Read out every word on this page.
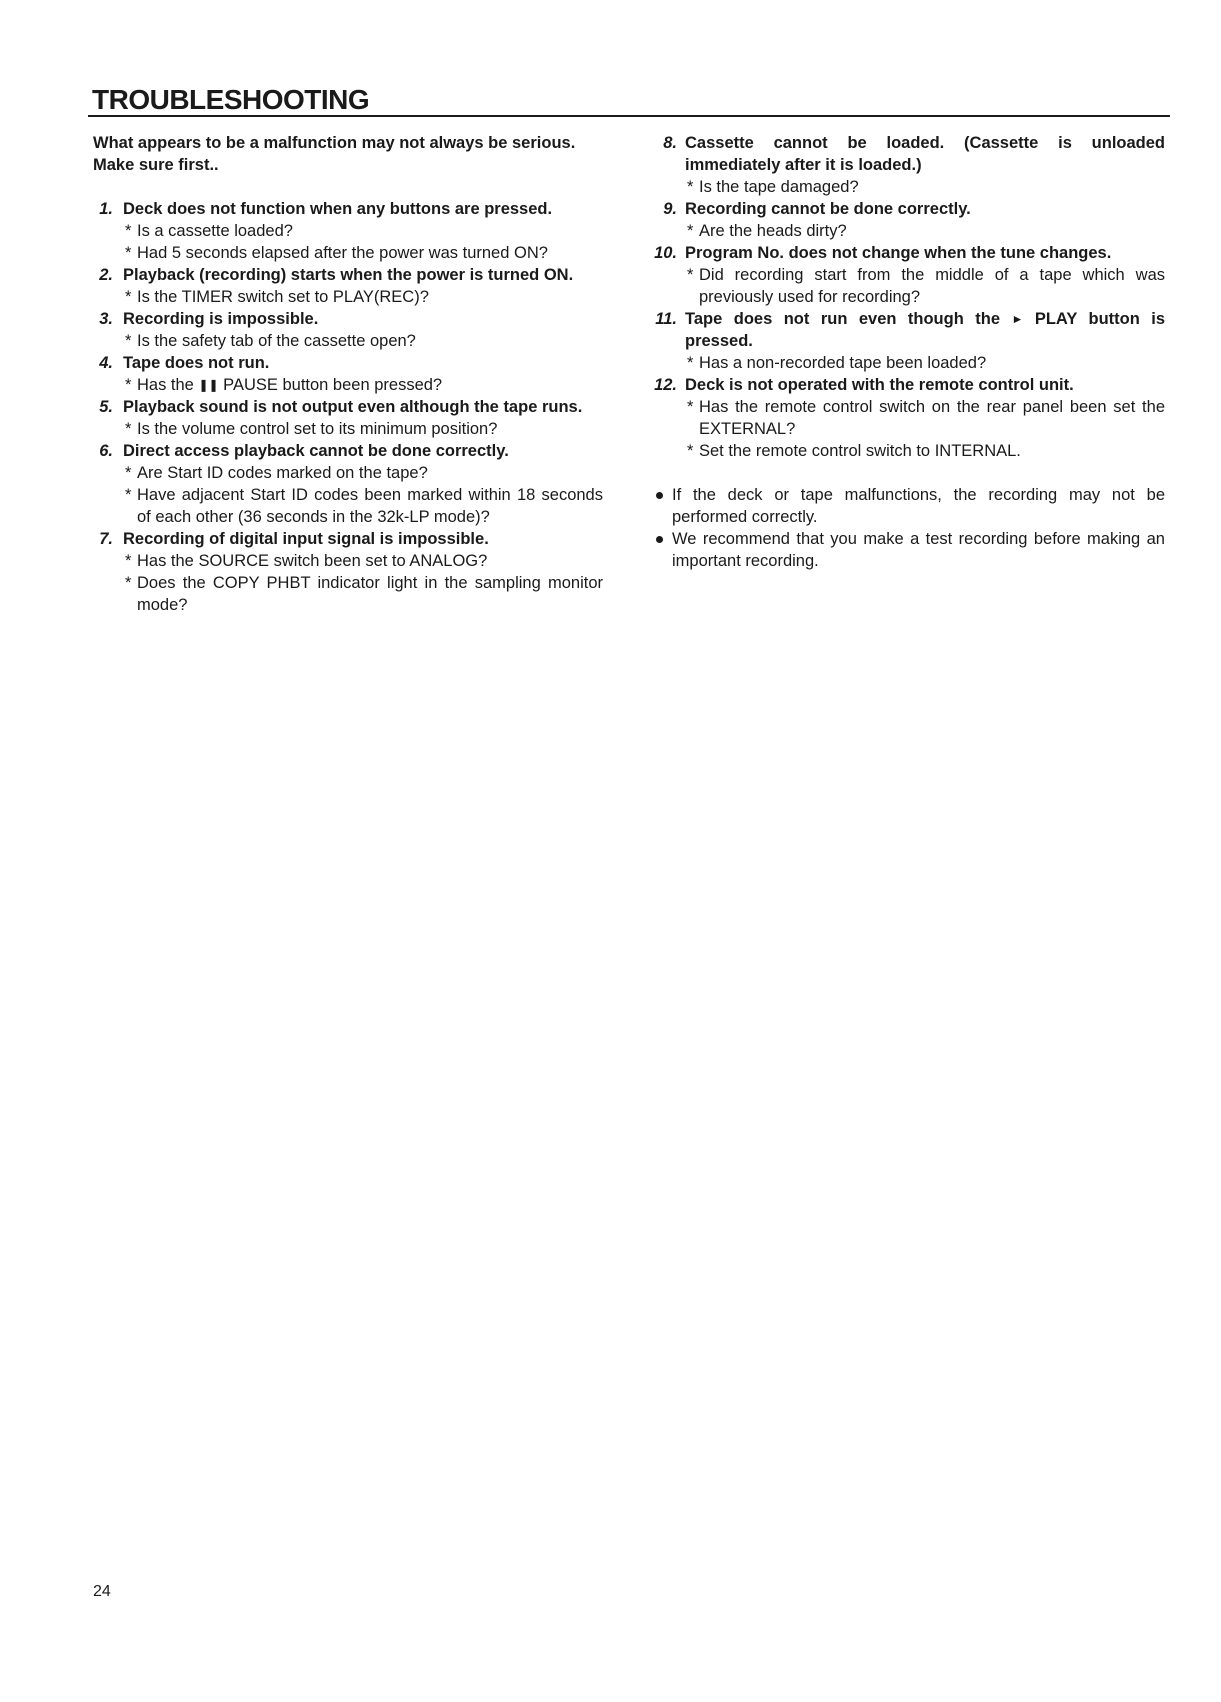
TROUBLESHOOTING
What appears to be a malfunction may not always be serious.
Make sure first..
1. Deck does not function when any buttons are pressed.

* Is a cassette loaded?
* Had 5 seconds elapsed after the power was turned ON?
2. Playback (recording) starts when the power is turned ON.

* Is the TIMER switch set to PLAY(REC)?
3. Recording is impossible.

* Is the safety tab of the cassette open?
4. Tape does not run.

* Has the ❚❚ PAUSE button been pressed?
5. Playback sound is not output even although the tape runs.

* Is the volume control set to its minimum position?
6. Direct access playback cannot be done correctly.

* Are Start ID codes marked on the tape?
* Have adjacent Start ID codes been marked within 18 seconds of each other (36 seconds in the 32k-LP mode)?
7. Recording of digital input signal is impossible.

* Has the SOURCE switch been set to ANALOG?
* Does the COPY PHBT indicator light in the sampling monitor mode?
8. Cassette cannot be loaded. (Cassette is unloaded immediately after it is loaded.)

* Is the tape damaged?
9. Recording cannot be done correctly.

* Are the heads dirty?
10. Program No. does not change when the tune changes.

* Did recording start from the middle of a tape which was previously used for recording?
11. Tape does not run even though the ► PLAY button is pressed.

* Has a non-recorded tape been loaded?
12. Deck is not operated with the remote control unit.

* Has the remote control switch on the rear panel been set the EXTERNAL?
* Set the remote control switch to INTERNAL.
If the deck or tape malfunctions, the recording may not be performed correctly.
We recommend that you make a test recording before making an important recording.
24
